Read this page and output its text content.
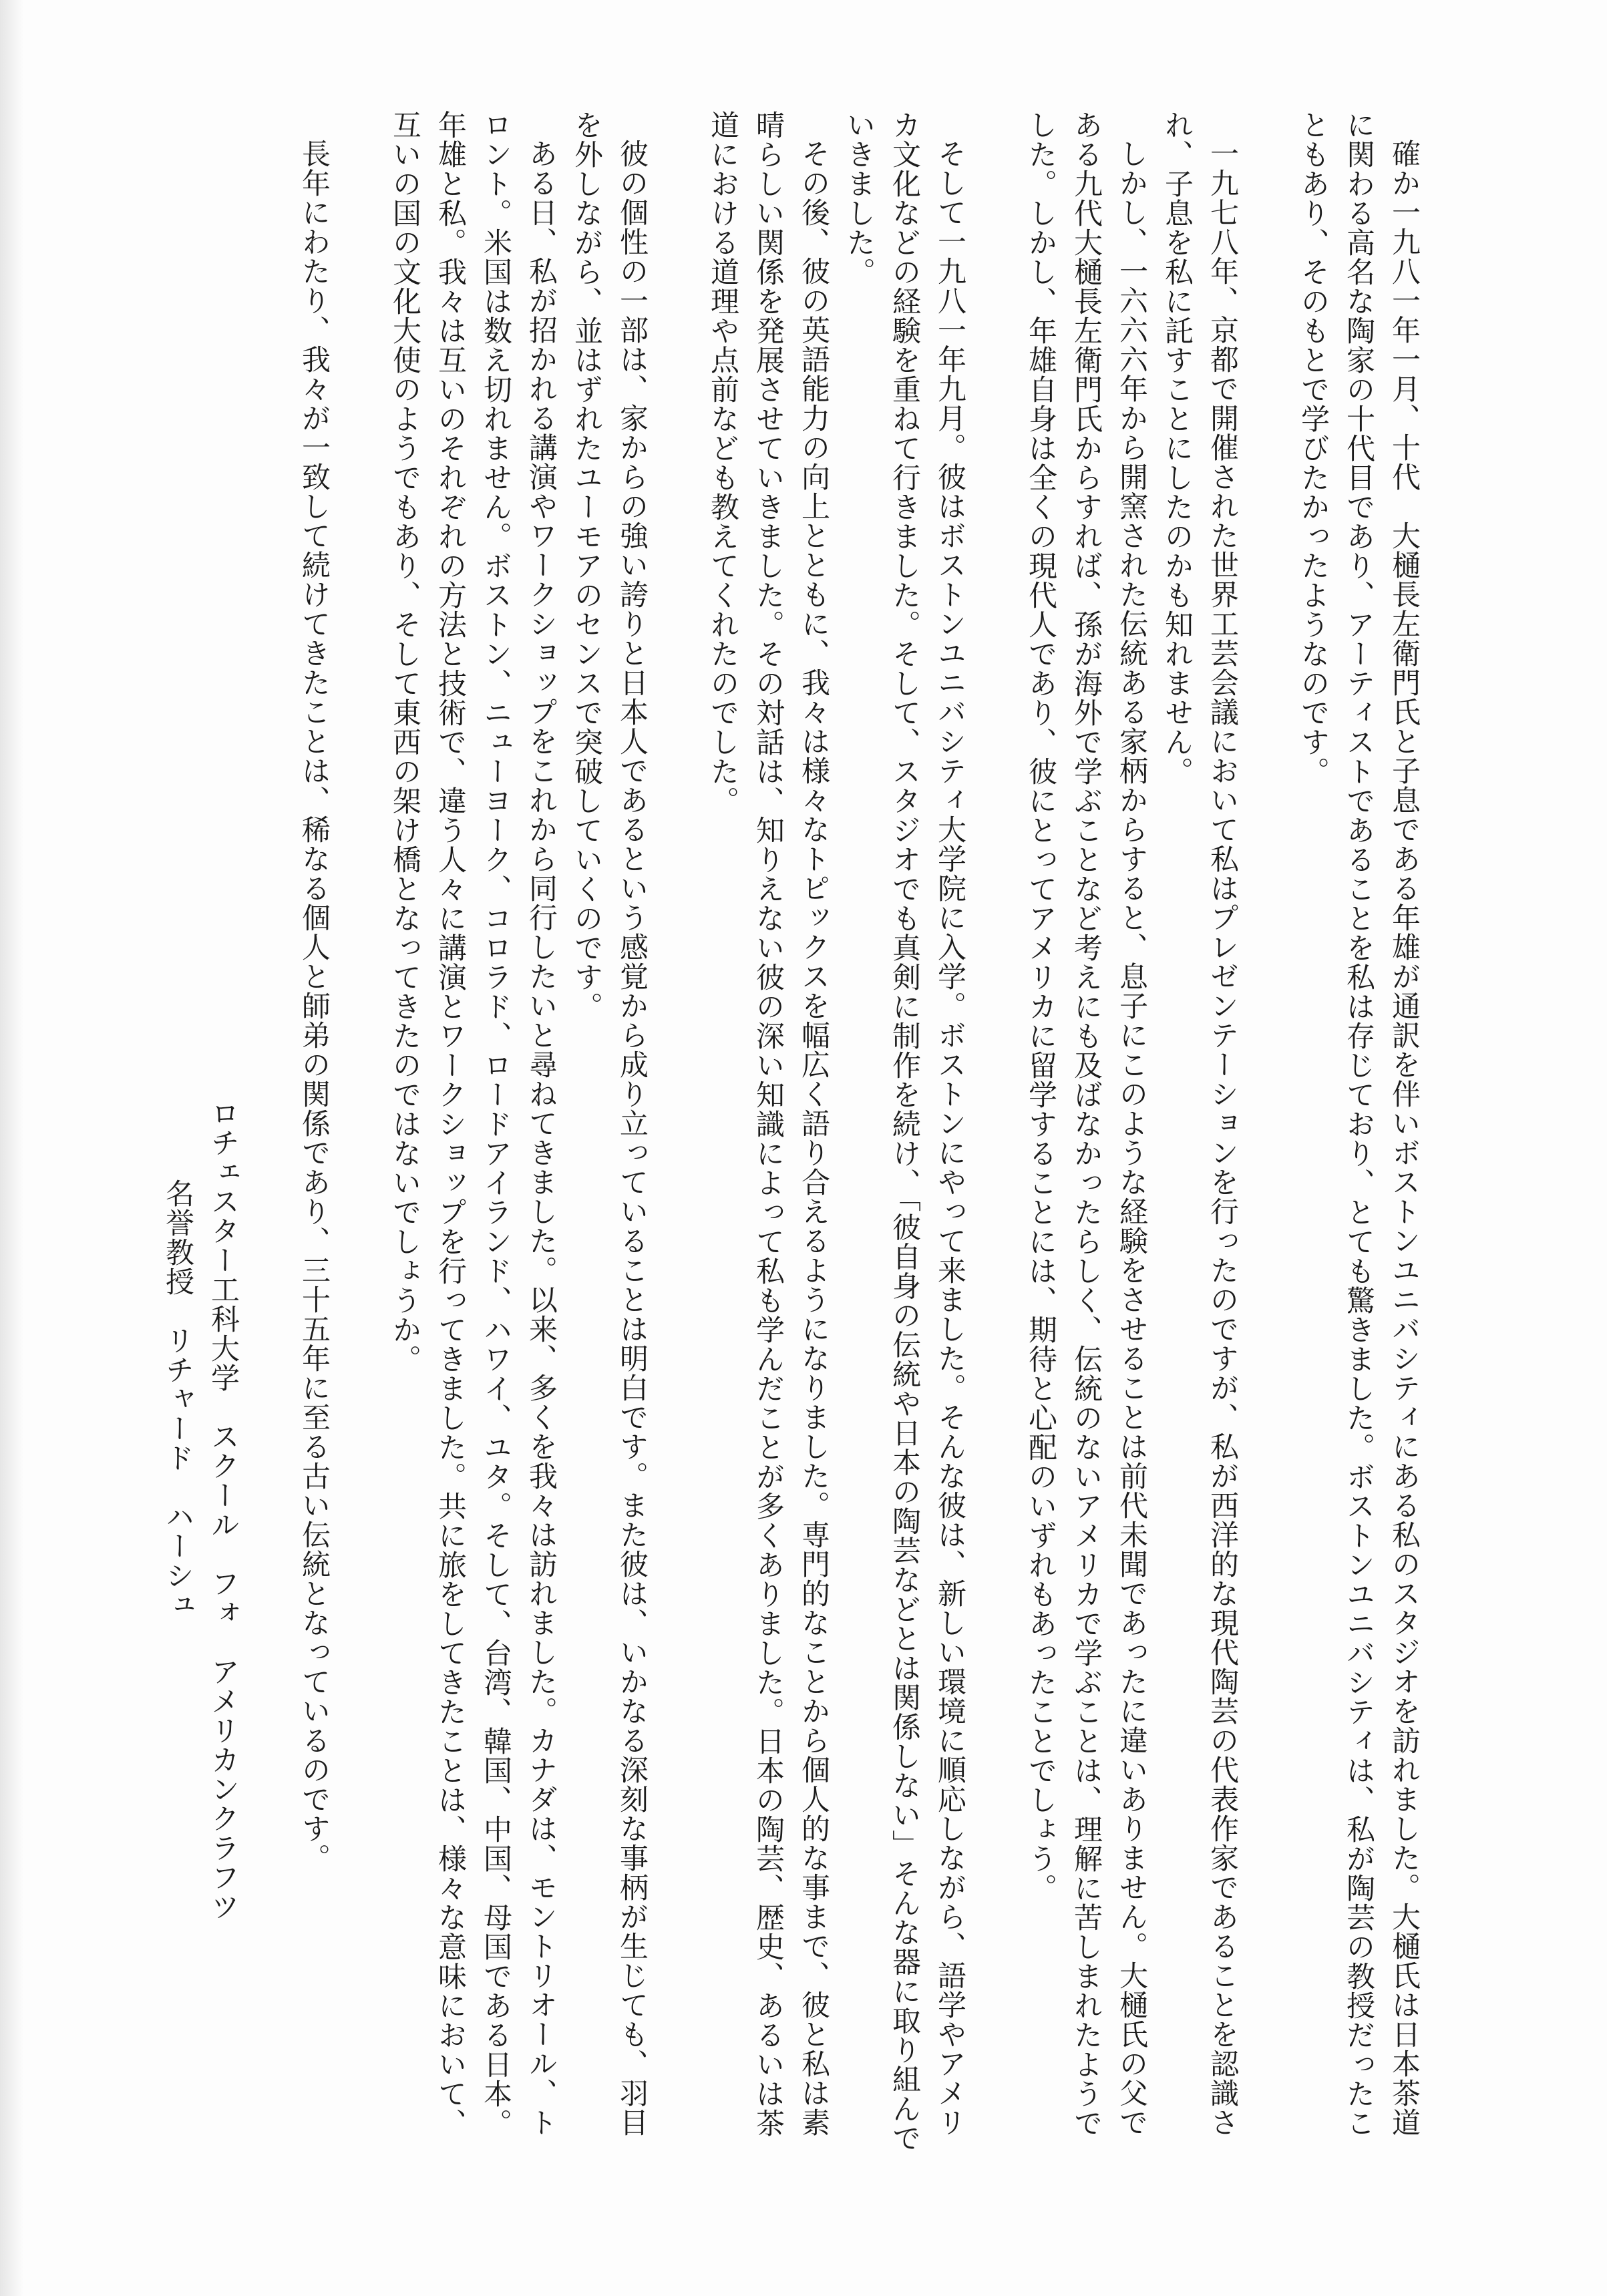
確か一九八一年一月、十代　大樋長左衛門氏と子息である年雄が通訳を伴いボストンユニバシティにある私のスタジオを訪れました。大樋氏は日本茶道に関わる高名な陶家の十代目であり、アーティストであることを私は存じており、とても驚きました。ボストンユニバシティは、私が陶芸の教授だったこともあり、そのもとで学びたかったようなのです。

一九七八年、京都で開催された世界工芸会議において私はプレゼンテーションを行ったのですが、私が西洋的な現代陶芸の代表作家であることを認識され、子息を私に託すことにしたのかも知れません。

しかし、一六六六年から開窯された伝統ある家柄からすると、息子にこのような経験をさせることは前代未聞であったに違いありません。大樋氏の父である九代大樋長左衛門氏からすれば、孫が海外で学ぶことなど考えにも及ばなかったらしく、伝統のないアメリカで学ぶことは、理解に苦しまれたようでした。しかし、年雄自身は全くの現代人であり、彼にとってアメリカに留学することには、期待と心配のいずれもあったことでしょう。

そして一九八一年九月。彼はボストンユニバシティ大学院に入学。ボストンにやって来ました。そんな彼は、新しい環境に順応しながら、語学やアメリカ文化などの経験を重ねて行きました。そして、スタジオでも真剣に制作を続け、「彼自身の伝統や日本の陶芸などとは関係しない」そんな器に取り組んでいきました。

その後、彼の英語能力の向上とともに、我々は様々なトピックスを幅広く語り合えるようになりました。専門的なことから個人的な事まで、彼と私は素晴らしい関係を発展させていきました。その対話は、知りえない彼の深い知識によって私も学んだことが多くありました。日本の陶芸、歴史、あるいは茶道における道理や点前なども教えてくれたのでした。

彼の個性の一部は、家からの強い誇りと日本人であるという感覚から成り立っていることは明白です。また彼は、いかなる深刻な事柄が生じても、羽目を外しながら、並はずれたユーモアのセンスで突破していくのです。

ある日、私が招かれる講演やワークショップをこれから同行したいと尋ねてきました。以来、多くを我々は訪れました。カナダは、モントリオール、トロント。米国は数え切れません。ボストン、ニューヨーク、コロラド、ロードアイランド、ハワイ、ユタ。そして、台湾、韓国、中国、母国である日本。年雄と私。我々は互いのそれぞれの方法と技術で、違う人々に講演とワークショップを行ってきました。共に旅をしてきたことは、様々な意味において、互いの国の文化大使のようでもあり、そして東西の架け橋となってきたのではないでしょうか。

長年にわたり、我々が一致して続けてきたことは、稀なる個人と師弟の関係であり、三十五年に至る古い伝統となっているのです。

ロチェスター工科大学　スクール　フォ　アメリカンクラフツ

名誉教授　リチャード　ハーシュ
